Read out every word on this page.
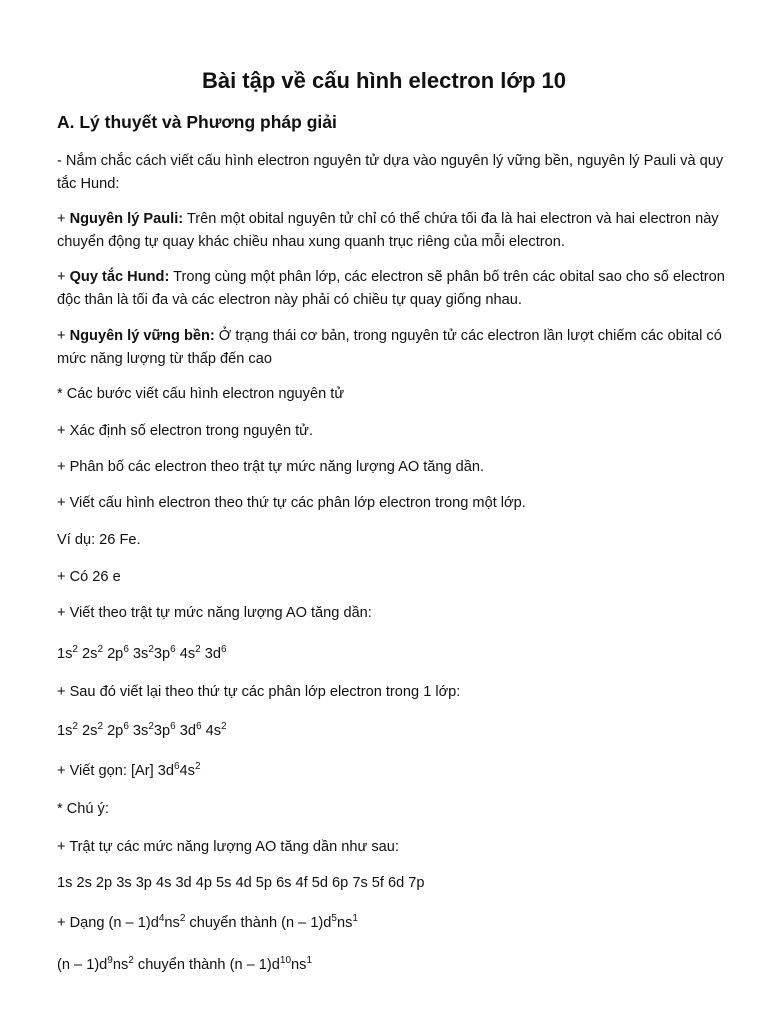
Bài tập về cấu hình electron lớp 10
A. Lý thuyết và Phương pháp giải
- Nắm chắc cách viết cấu hình electron nguyên tử dựa vào nguyên lý vững bền, nguyên lý Pauli và quy tắc Hund:
+ Nguyên lý Pauli: Trên một obital nguyên tử chỉ có thể chứa tối đa là hai electron và hai electron này chuyển động tự quay khác chiều nhau xung quanh trục riêng của mỗi electron.
+ Quy tắc Hund: Trong cùng một phân lớp, các electron sẽ phân bố trên các obital sao cho số electron độc thân là tối đa và các electron này phải có chiều tự quay giống nhau.
+ Nguyên lý vững bền: Ở trạng thái cơ bản, trong nguyên tử các electron lần lượt chiếm các obital có mức năng lượng từ thấp đến cao
* Các bước viết cấu hình electron nguyên tử
+ Xác định số electron trong nguyên tử.
+ Phân bố các electron theo trật tự mức năng lượng AO tăng dần.
+ Viết cấu hình electron theo thứ tự các phân lớp electron trong một lớp.
Ví dụ: 26 Fe.
+ Có 26 e
+ Viết theo trật tự mức năng lượng AO tăng dần:
$1s^2$ $2s^2$ $2p^6$ $3s^23p^6$ $4s^2$ $3d^6$
+ Sau đó viết lại theo thứ tự các phân lớp electron trong 1 lớp:
$1s^2$ $2s^2$ $2p^6$ $3s^23p^6$ $3d^6$ $4s^2$
+ Viết gọn: [Ar] $3d^64s^2$
* Chú ý:
+ Trật tự các mức năng lượng AO tăng dần như sau:
1s 2s 2p 3s 3p 4s 3d 4p 5s 4d 5p 6s 4f 5d 6p 7s 5f 6d 7p
+ Dạng $(n - 1)d^4ns^2$ chuyển thành $(n - 1)d^5ns^1$
$(n - 1)d^9ns^2$ chuyển thành $(n - 1)d^{10}ns^1$
